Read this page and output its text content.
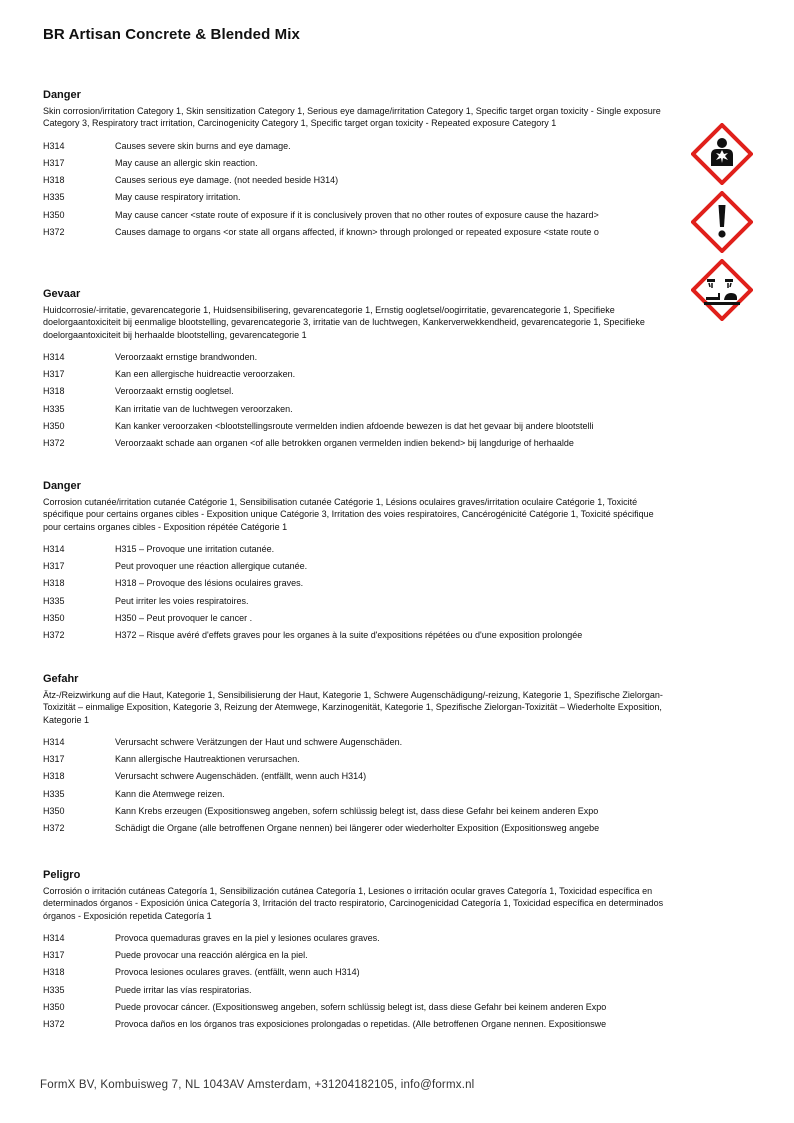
BR Artisan Concrete & Blended Mix
Danger
Skin corrosion/irritation Category 1, Skin sensitization Category 1, Serious eye damage/irritation Category 1, Specific target organ toxicity - Single exposure Category 3, Respiratory tract irritation, Carcinogenicity Category 1, Specific target organ toxicity - Repeated exposure Category 1
H314	Causes severe skin burns and eye damage.
H317	May cause an allergic skin reaction.
H318	Causes serious eye damage. (not needed beside H314)
H335	May cause respiratory irritation.
H350	May cause cancer <state route of exposure if it is conclusively proven that no other routes of exposure cause the hazard>
H372	Causes damage to organs <or state all organs affected, if known> through prolonged or repeated exposure <state route o
Gevaar
Huidcorrosie/-irritatie, gevarencategorie 1, Huidsensibilisering, gevarencategorie 1, Ernstig oogletsel/oogirritatie, gevarencategorie 1, Specifieke doelorgaantoxiciteit bij eenmalige blootstelling, gevarencategorie 3, irritatie van de luchtwegen, Kankerverwekkendheid, gevarencategorie 1, Specifieke doelorgaantoxiciteit bij herhaalde blootstelling, gevarencategorie 1
H314	Veroorzaakt ernstige brandwonden.
H317	Kan een allergische huidreactie veroorzaken.
H318	Veroorzaakt ernstig oogletsel.
H335	Kan irritatie van de luchtwegen veroorzaken.
H350	Kan kanker veroorzaken <blootstellingsroute vermelden indien afdoende bewezen is dat het gevaar bij andere blootstelli
H372	Veroorzaakt schade aan organen <of alle betrokken organen vermelden indien bekend> bij langdurige of herhaalde
Danger
Corrosion cutanée/irritation cutanée Catégorie 1, Sensibilisation cutanée Catégorie 1, Lésions oculaires graves/irritation oculaire Catégorie 1, Toxicité spécifique pour certains organes cibles - Exposition unique Catégorie 3, Irritation des voies respiratoires, Cancérogénicité Catégorie 1, Toxicité spécifique pour certains organes cibles - Exposition répétée Catégorie 1
H314	H315 – Provoque une irritation cutanée.
H317	Peut provoquer une réaction allergique cutanée.
H318	H318 – Provoque des lésions oculaires graves.
H335	Peut irriter les voies respiratoires.
H350	H350 – Peut provoquer le cancer .
H372	H372 – Risque avéré d'effets graves pour les organes à la suite d'expositions répétées ou d'une exposition prolongée
Gefahr
Ätz-/Reizwirkung auf die Haut, Kategorie 1, Sensibilisierung der Haut, Kategorie 1, Schwere Augenschädigung/-reizung, Kategorie 1, Spezifische Zielorgan-Toxizität – einmalige Exposition, Kategorie 3, Reizung der Atemwege, Karzinogenität, Kategorie 1, Spezifische Zielorgan-Toxizität – Wiederholte Exposition, Kategorie 1
H314	Verursacht schwere Verätzungen der Haut und schwere Augenschäden.
H317	Kann allergische Hautreaktionen verursachen.
H318	Verursacht schwere Augenschäden. (entfällt, wenn auch H314)
H335	Kann die Atemwege reizen.
H350	Kann Krebs erzeugen (Expositionsweg angeben, sofern schlüssig belegt ist, dass diese Gefahr bei keinem anderen Expo
H372	Schädigt die Organe (alle betroffenen Organe nennen) bei längerer oder wiederholter Exposition (Expositionsweg angebe
Peligro
Corrosión o irritación cutáneas Categoría 1, Sensibilización cutánea Categoría 1, Lesiones o irritación ocular graves Categoría 1, Toxicidad específica en determinados órganos - Exposición única Categoría 3, Irritación del tracto respiratorio, Carcinogenicidad Categoría 1, Toxicidad específica en determinados órganos - Exposición repetida Categoría 1
H314	Provoca quemaduras graves en la piel y lesiones oculares graves.
H317	Puede provocar una reacción alérgica en la piel.
H318	Provoca lesiones oculares graves. (entfällt, wenn auch H314)
H335	Puede irritar las vías respiratorias.
H350	Puede provocar cáncer. (Expositionsweg angeben, sofern schlüssig belegt ist, dass diese Gefahr bei keinem anderen Expo
H372	Provoca daños en los órganos tras exposiciones prolongadas o repetidas. (Alle betroffenen Organe nennen. Expositionswe
FormX BV, Kombuisweg 7, NL 1043AV Amsterdam, +31204182105, info@formx.nl
